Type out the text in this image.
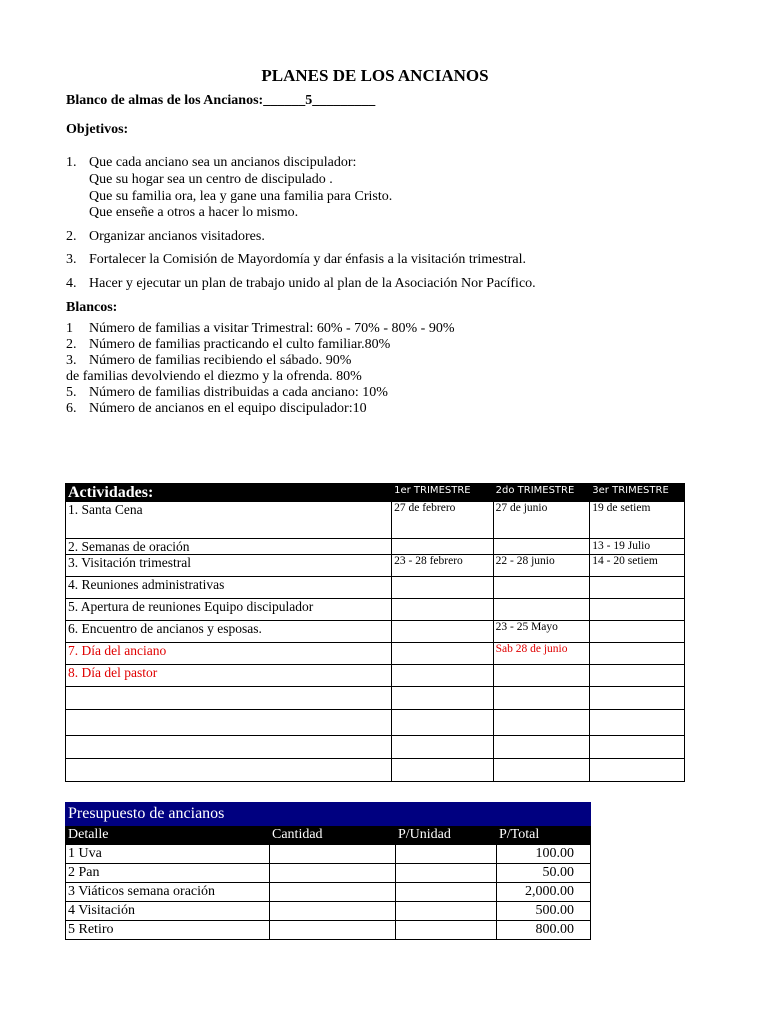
PLANES DE LOS ANCIANOS
Blanco de almas de los Ancianos:______5_________
Objetivos:
1. Que cada anciano sea un ancianos discipulador:
Que su hogar sea un centro de discipulado .
Que su familia ora, lea y gane una familia para Cristo.
Que enseñe a otros a hacer lo mismo.
2. Organizar ancianos visitadores.
3. Fortalecer la Comisión de Mayordomía y dar énfasis a la visitación trimestral.
4. Hacer y ejecutar un plan de trabajo unido al plan de la Asociación Nor Pacífico.
Blancos:
1 Número de familias a visitar Trimestral: 60% - 70% - 80% - 90%
2. Número de familias practicando el culto familiar.80%
3. Número de familias recibiendo el sábado. 90%
de familias devolviendo el diezmo y la ofrenda. 80%
5. Número de familias distribuidas a cada anciano: 10%
6. Número de ancianos en el equipo discipulador:10
Actividades:	1er TRIMESTRE	2do TRIMESTRE	3er TRIMESTRE
1. Santa Cena	27 de febrero	27 de junio	19 de setiem
2. Semanas de oración			13 - 19 Julio
3. Visitación trimestral	23 - 28 febrero	22 - 28 junio	14 - 20 setiem
4. Reuniones administrativas			
5. Apertura de reuniones Equipo discipulador			
6. Encuentro de ancianos y esposas.		23 - 25 Mayo	
7. Día del anciano		Sab 28 de junio	
8. Día del pastor			

Presupuesto de ancianos			
Detalle	Cantidad	P/Unidad	P/Total
1 Uva			100.00
2 Pan			50.00
3 Viáticos semana oración			2,000.00
4 Visitación			500.00
5 Retiro			800.00
